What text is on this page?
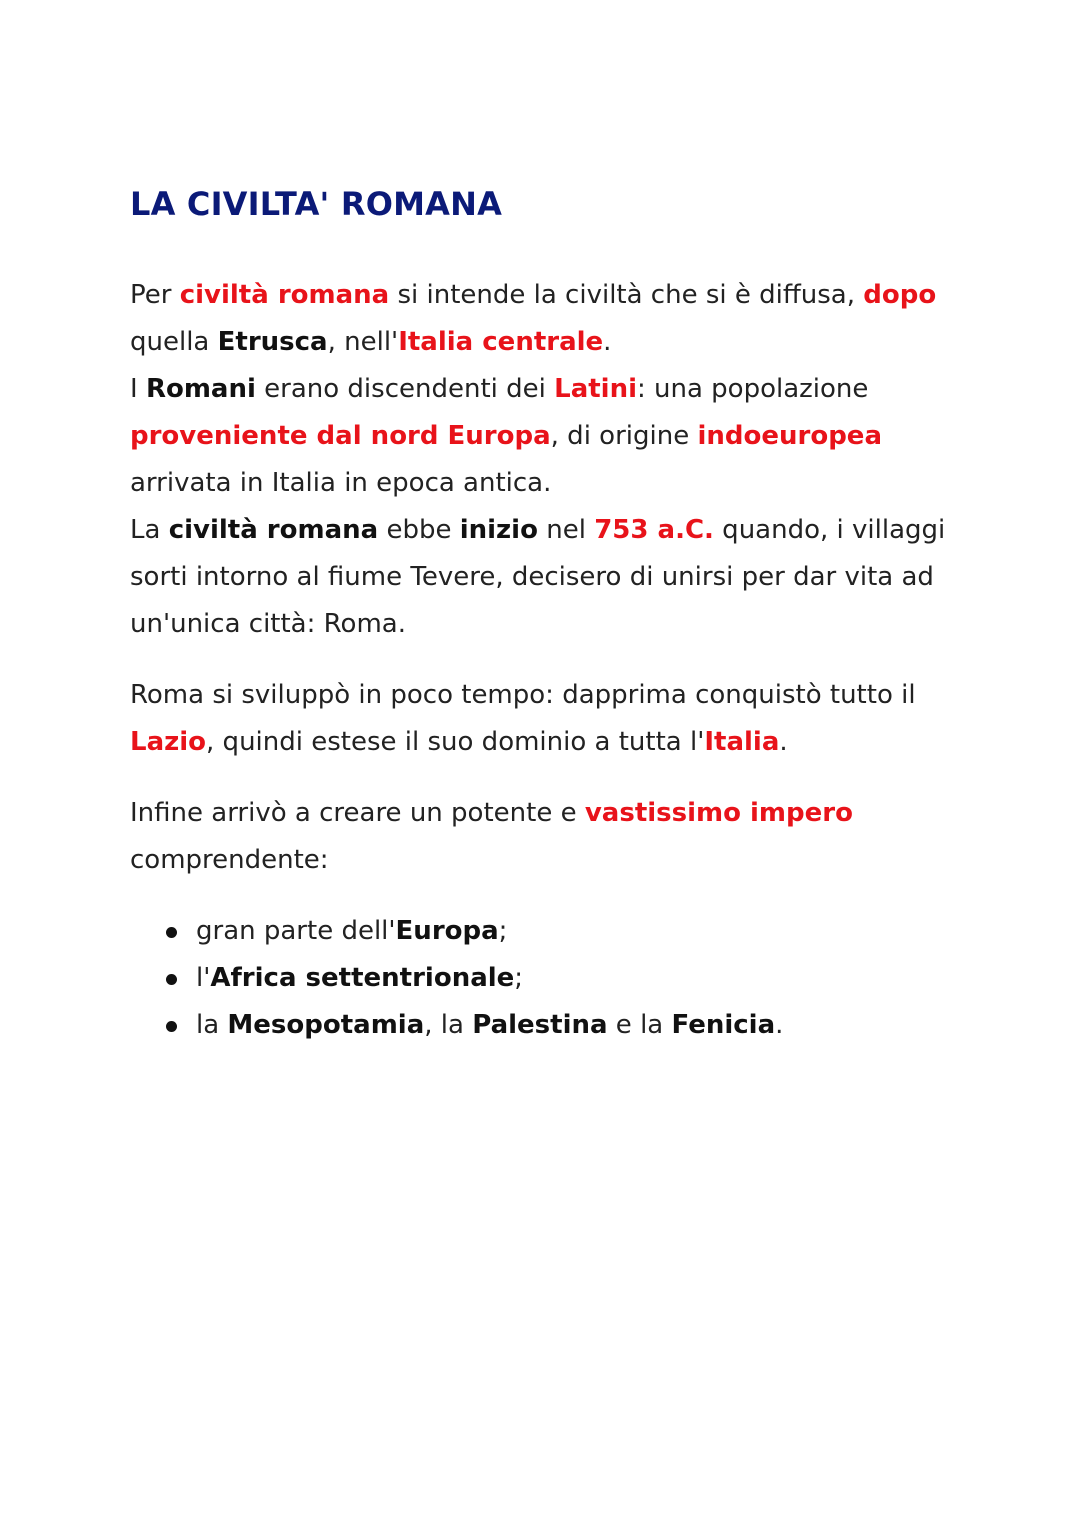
LA CIVILTA' ROMANA

Per civiltà romana si intende la civiltà che si è diffusa, dopo quella Etrusca, nell'Italia centrale.
I Romani erano discendenti dei Latini: una popolazione proveniente dal nord Europa, di origine indoeuropea arrivata in Italia in epoca antica.
La civiltà romana ebbe inizio nel 753 a.C. quando, i villaggi sorti intorno al fiume Tevere, decisero di unirsi per dar vita ad un'unica città: Roma.

Roma si sviluppò in poco tempo: dapprima conquistò tutto il Lazio, quindi estese il suo dominio a tutta l'Italia.

Infine arrivò a creare un potente e vastissimo impero comprendente:

gran parte dell'Europa;
l'Africa settentrionale;
la Mesopotamia, la Palestina e la Fenicia.
